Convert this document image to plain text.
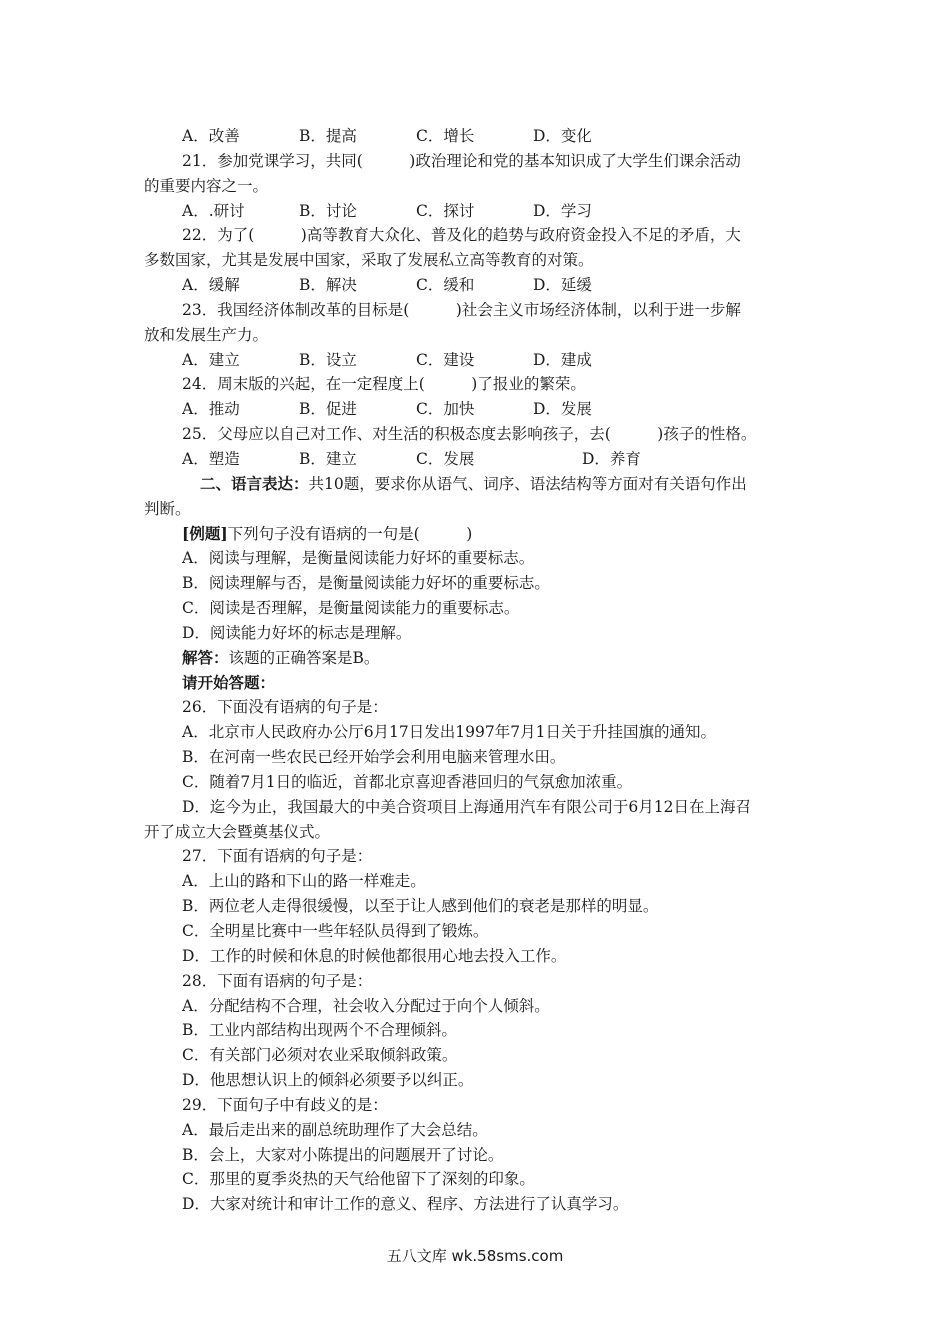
A．改善	B．提高	C．增长	D．变化
21．参加党课学习，共同(　　　)政治理论和党的基本知识成了大学生们课余活动
的重要内容之一。
A．.研讨	B．讨论	C．探讨	D．学习
22．为了(　　　)高等教育大众化、普及化的趋势与政府资金投入不足的矛盾，大
多数国家，尤其是发展中国家，采取了发展私立高等教育的对策。
A．缓解	B．解决	C．缓和	D．延缓
23．我国经济体制改革的目标是(　　　)社会主义市场经济体制，以利于进一步解
放和发展生产力。
A．建立	B．设立	C．建设	D．建成
24．周末版的兴起，在一定程度上(　　　)了报业的繁荣。
A．推动	B．促进	C．加快	D．发展
25．父母应以自己对工作、对生活的积极态度去影响孩子，去(　　　)孩子的性格。
A．塑造	B．建立	C．发展	D．养育
二、语言表达：共10题，要求你从语气、词序、语法结构等方面对有关语句作出
判断。
[例题]下列句子没有语病的一句是(　　　)
A．阅读与理解，是衡量阅读能力好坏的重要标志。
B．阅读理解与否，是衡量阅读能力好坏的重要标志。
C．阅读是否理解，是衡量阅读能力的重要标志。
D．阅读能力好坏的标志是理解。
解答：该题的正确答案是B。
请开始答题：
26．下面没有语病的句子是：
A．北京市人民政府办公厅6月17日发出1997年7月1日关于升挂国旗的通知。
B．在河南一些农民已经开始学会利用电脑来管理水田。
C．随着7月1日的临近，首都北京喜迎香港回归的气氛愈加浓重。
D．迄今为止，我国最大的中美合资项目上海通用汽车有限公司于6月12日在上海召
开了成立大会暨奠基仪式。
27．下面有语病的句子是：
A．上山的路和下山的路一样难走。
B．两位老人走得很缓慢，以至于让人感到他们的衰老是那样的明显。
C．全明星比赛中一些年轻队员得到了锻炼。
D．工作的时候和休息的时候他都很用心地去投入工作。
28．下面有语病的句子是：
A．分配结构不合理，社会收入分配过于向个人倾斜。
B．工业内部结构出现两个不合理倾斜。
C．有关部门必须对农业采取倾斜政策。
D．他思想认识上的倾斜必须要予以纠正。
29．下面句子中有歧义的是：
A．最后走出来的副总统助理作了大会总结。
B．会上，大家对小陈提出的问题展开了讨论。
C．那里的夏季炎热的天气给他留下了深刻的印象。
D．大家对统计和审计工作的意义、程序、方法进行了认真学习。
五八文库 wk.58sms.com
